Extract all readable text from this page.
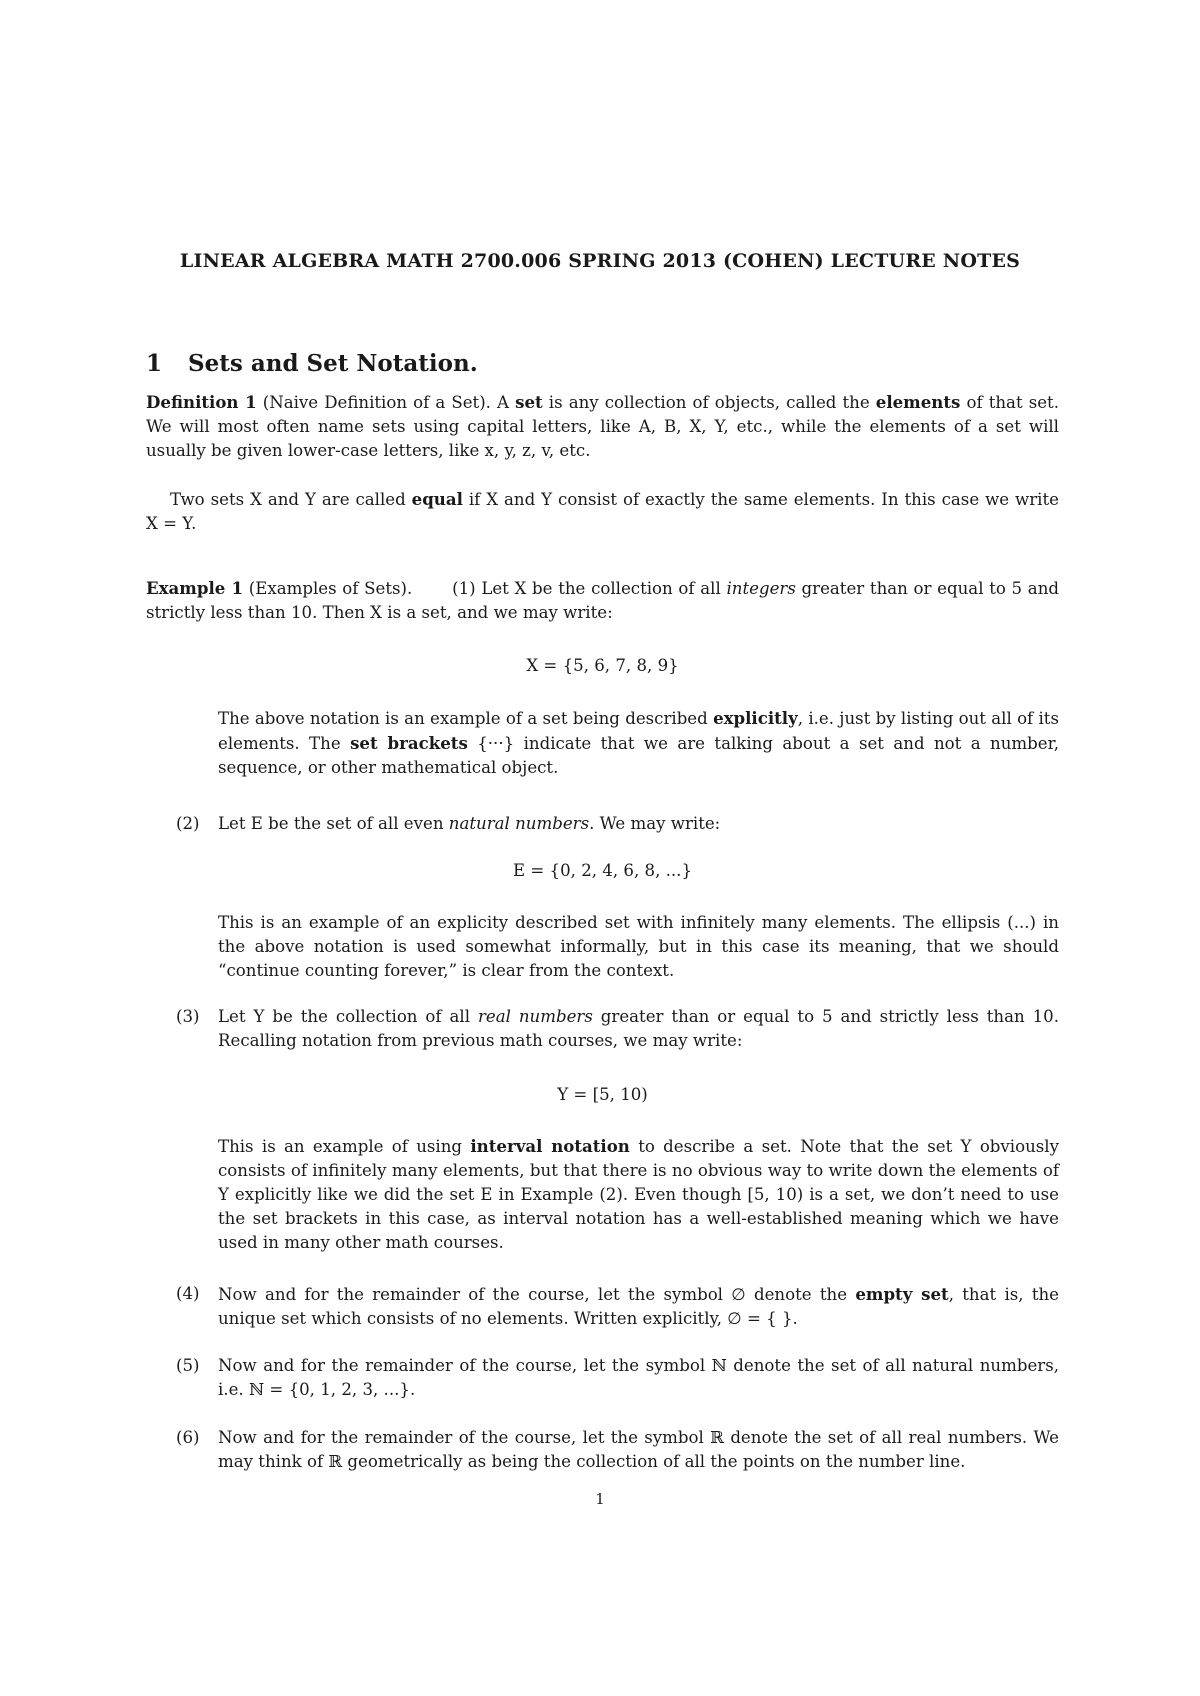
LINEAR ALGEBRA MATH 2700.006 SPRING 2013 (COHEN) LECTURE NOTES
1 Sets and Set Notation.
Definition 1 (Naive Definition of a Set). A set is any collection of objects, called the elements of that set. We will most often name sets using capital letters, like A, B, X, Y, etc., while the elements of a set will usually be given lower-case letters, like x, y, z, v, etc.
Two sets X and Y are called equal if X and Y consist of exactly the same elements. In this case we write X = Y.
Example 1 (Examples of Sets). (1) Let X be the collection of all integers greater than or equal to 5 and strictly less than 10. Then X is a set, and we may write:
X = {5, 6, 7, 8, 9}
The above notation is an example of a set being described explicitly, i.e. just by listing out all of its elements. The set brackets {···} indicate that we are talking about a set and not a number, sequence, or other mathematical object.
(2)	Let E be the set of all even natural numbers. We may write:
E = {0, 2, 4, 6, 8, ...}
This is an example of an explicity described set with infinitely many elements. The ellipsis (...) in the above notation is used somewhat informally, but in this case its meaning, that we should “continue counting forever,” is clear from the context.
(3)	Let Y be the collection of all real numbers greater than or equal to 5 and strictly less than 10. Recalling notation from previous math courses, we may write:
Y = [5, 10)
This is an example of using interval notation to describe a set. Note that the set Y obviously consists of infinitely many elements, but that there is no obvious way to write down the elements of Y explicitly like we did the set E in Example (2). Even though [5, 10) is a set, we don’t need to use the set brackets in this case, as interval notation has a well-established meaning which we have used in many other math courses.
(4)	Now and for the remainder of the course, let the symbol ∅ denote the empty set, that is, the unique set which consists of no elements. Written explicitly, ∅ = { }.
(5)	Now and for the remainder of the course, let the symbol ℕ denote the set of all natural numbers, i.e. ℕ = {0, 1, 2, 3, ...}.
(6)	Now and for the remainder of the course, let the symbol ℝ denote the set of all real numbers. We may think of ℝ geometrically as being the collection of all the points on the number line.
1
